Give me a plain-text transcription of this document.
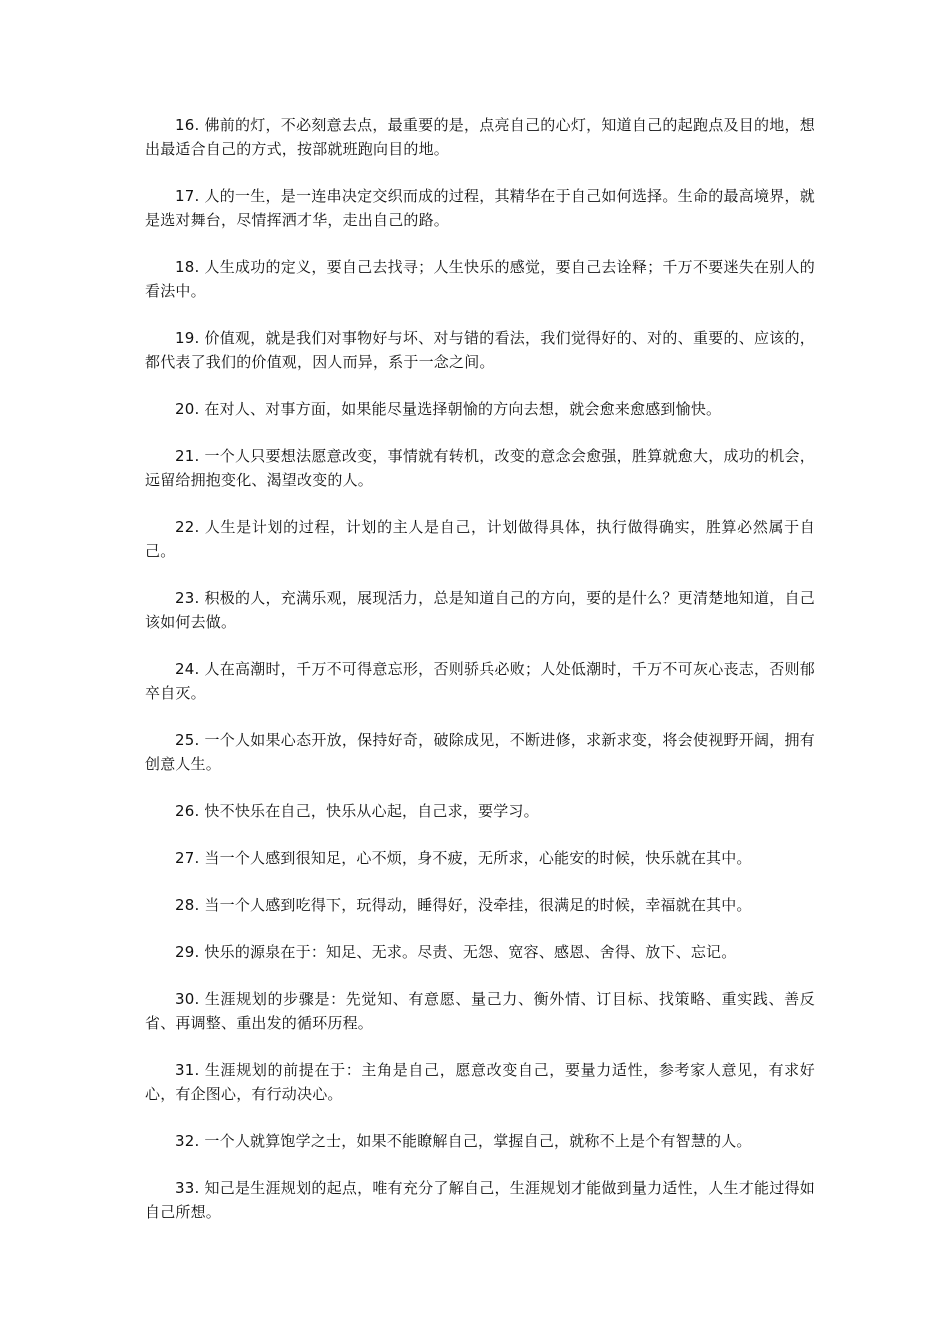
16. 佛前的灯，不必刻意去点，最重要的是，点亮自己的心灯，知道自己的起跑点及目的地，想出最适合自己的方式，按部就班跑向目的地。

17. 人的一生，是一连串决定交织而成的过程，其精华在于自己如何选择。生命的最高境界，就是选对舞台，尽情挥洒才华，走出自己的路。

18. 人生成功的定义，要自己去找寻；人生快乐的感觉，要自己去诠释；千万不要迷失在别人的看法中。

19. 价值观，就是我们对事物好与坏、对与错的看法，我们觉得好的、对的、重要的、应该的，都代表了我们的价值观，因人而异，系于一念之间。

20. 在对人、对事方面，如果能尽量选择朝愉的方向去想，就会愈来愈感到愉快。

21. 一个人只要想法愿意改变，事情就有转机，改变的意念会愈强，胜算就愈大，成功的机会，远留给拥抱变化、渴望改变的人。

22. 人生是计划的过程，计划的主人是自己，计划做得具体，执行做得确实，胜算必然属于自己。

23. 积极的人，充满乐观，展现活力，总是知道自己的方向，要的是什么？更清楚地知道，自己该如何去做。

24. 人在高潮时，千万不可得意忘形，否则骄兵必败；人处低潮时，千万不可灰心丧志，否则郁卒自灭。

25. 一个人如果心态开放，保持好奇，破除成见，不断进修，求新求变，将会使视野开阔，拥有创意人生。

26. 快不快乐在自己，快乐从心起，自己求，要学习。

27. 当一个人感到很知足，心不烦，身不疲，无所求，心能安的时候，快乐就在其中。

28. 当一个人感到吃得下，玩得动，睡得好，没牵挂，很满足的时候，幸福就在其中。

29. 快乐的源泉在于：知足、无求。尽责、无怨、宽容、感恩、舍得、放下、忘记。

30. 生涯规划的步骤是：先觉知、有意愿、量己力、衡外情、订目标、找策略、重实践、善反省、再调整、重出发的循环历程。

31. 生涯规划的前提在于：主角是自己，愿意改变自己，要量力适性，参考家人意见，有求好心，有企图心，有行动决心。

32. 一个人就算饱学之士，如果不能瞭解自己，掌握自己，就称不上是个有智慧的人。

33. 知己是生涯规划的起点，唯有充分了解自己，生涯规划才能做到量力适性，人生才能过得如自己所想。
